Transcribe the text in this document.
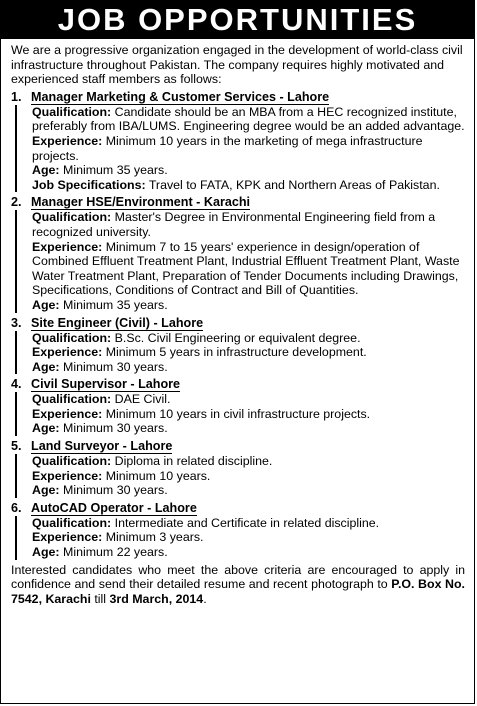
JOB OPPORTUNITIES

We are a progressive organization engaged in the development of world-class civil infrastructure throughout Pakistan. The company requires highly motivated and experienced staff members as follows:

1. Manager Marketing & Customer Services - Lahore

Qualification: Candidate should be an MBA from a HEC recognized institute, preferably from IBA/LUMS. Engineering degree would be an added advantage.

Experience: Minimum 10 years in the marketing of mega infrastructure projects.

Age: Minimum 35 years.

Job Specifications: Travel to FATA, KPK and Northern Areas of Pakistan.

2. Manager HSE/Environment - Karachi

Qualification: Master's Degree in Environmental Engineering field from a recognized university.

Experience: Minimum 7 to 15 years' experience in design/operation of Combined Effluent Treatment Plant, Industrial Effluent Treatment Plant, Waste Water Treatment Plant, Preparation of Tender Documents including Drawings, Specifications, Conditions of Contract and Bill of Quantities.

Age: Minimum 35 years.

3. Site Engineer (Civil) - Lahore

Qualification: B.Sc. Civil Engineering or equivalent degree.

Experience: Minimum 5 years in infrastructure development.

Age: Minimum 30 years.

4. Civil Supervisor - Lahore

Qualification: DAE Civil.

Experience: Minimum 10 years in civil infrastructure projects.

Age: Minimum 30 years.

5. Land Surveyor - Lahore

Qualification: Diploma in related discipline.

Experience: Minimum 10 years.

Age: Minimum 30 years.

6. AutoCAD Operator - Lahore

Qualification: Intermediate and Certificate in related discipline.

Experience: Minimum 3 years.

Age: Minimum 22 years.

Interested candidates who meet the above criteria are encouraged to apply in confidence and send their detailed resume and recent photograph to P.O. Box No. 7542, Karachi till 3rd March, 2014.
